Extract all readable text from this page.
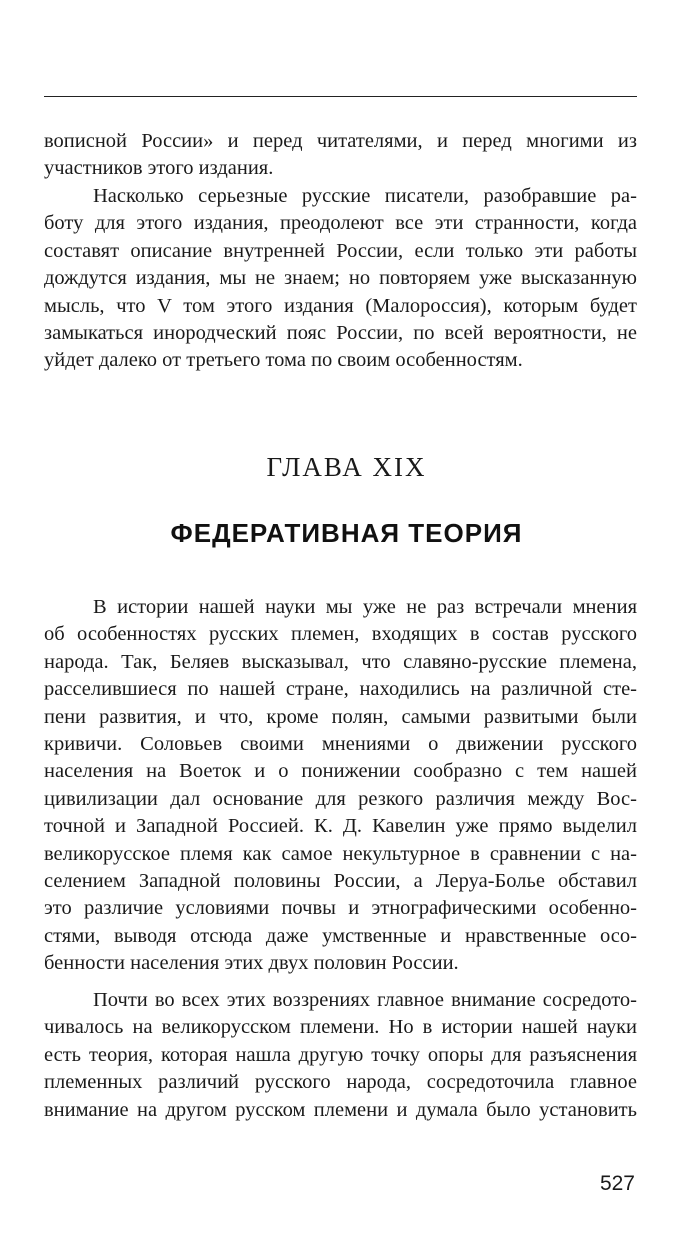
вописной России» и перед читателями, и перед многими из
участников этого издания.
Насколько серьезные русские писатели, разобравшие ра-
боту для этого издания, преодолеют все эти странности, когда
составят описание внутренней России, если только эти работы
дождутся издания, мы не знаем; но повторяем уже высказанную
мысль, что V том этого издания (Малороссия), которым будет
замыкаться инородческий пояс России, по всей вероятности, не
уйдет далеко от третьего тома по своим особенностям.
ГЛАВА XIX
ФЕДЕРАТИВНАЯ ТЕОРИЯ
В истории нашей науки мы уже не раз встречали мнения
об особенностях русских племен, входящих в состав русского
народа. Так, Беляев высказывал, что славяно-русские племена,
расселившиеся по нашей стране, находились на различной сте-
пени развития, и что, кроме полян, самыми развитыми были
кривичи. Соловьев своими мнениями о движении русского
населения на Воеток и о понижении сообразно с тем нашей
цивилизации дал основание для резкого различия между Вос-
точной и Западной Россией. К. Д. Кавелин уже прямо выделил
великорусское племя как самое некультурное в сравнении с на-
селением Западной половины России, а Леруа-Болье обставил
это различие условиями почвы и этнографическими особенно-
стями, выводя отсюда даже умственные и нравственные осо-
бенности населения этих двух половин России.
Почти во всех этих воззрениях главное внимание сосредото-
чивалось на великорусском племени. Но в истории нашей науки
есть теория, которая нашла другую точку опоры для разъяснения
племенных различий русского народа, сосредоточила главное
внимание на другом русском племени и думала было установить
527
